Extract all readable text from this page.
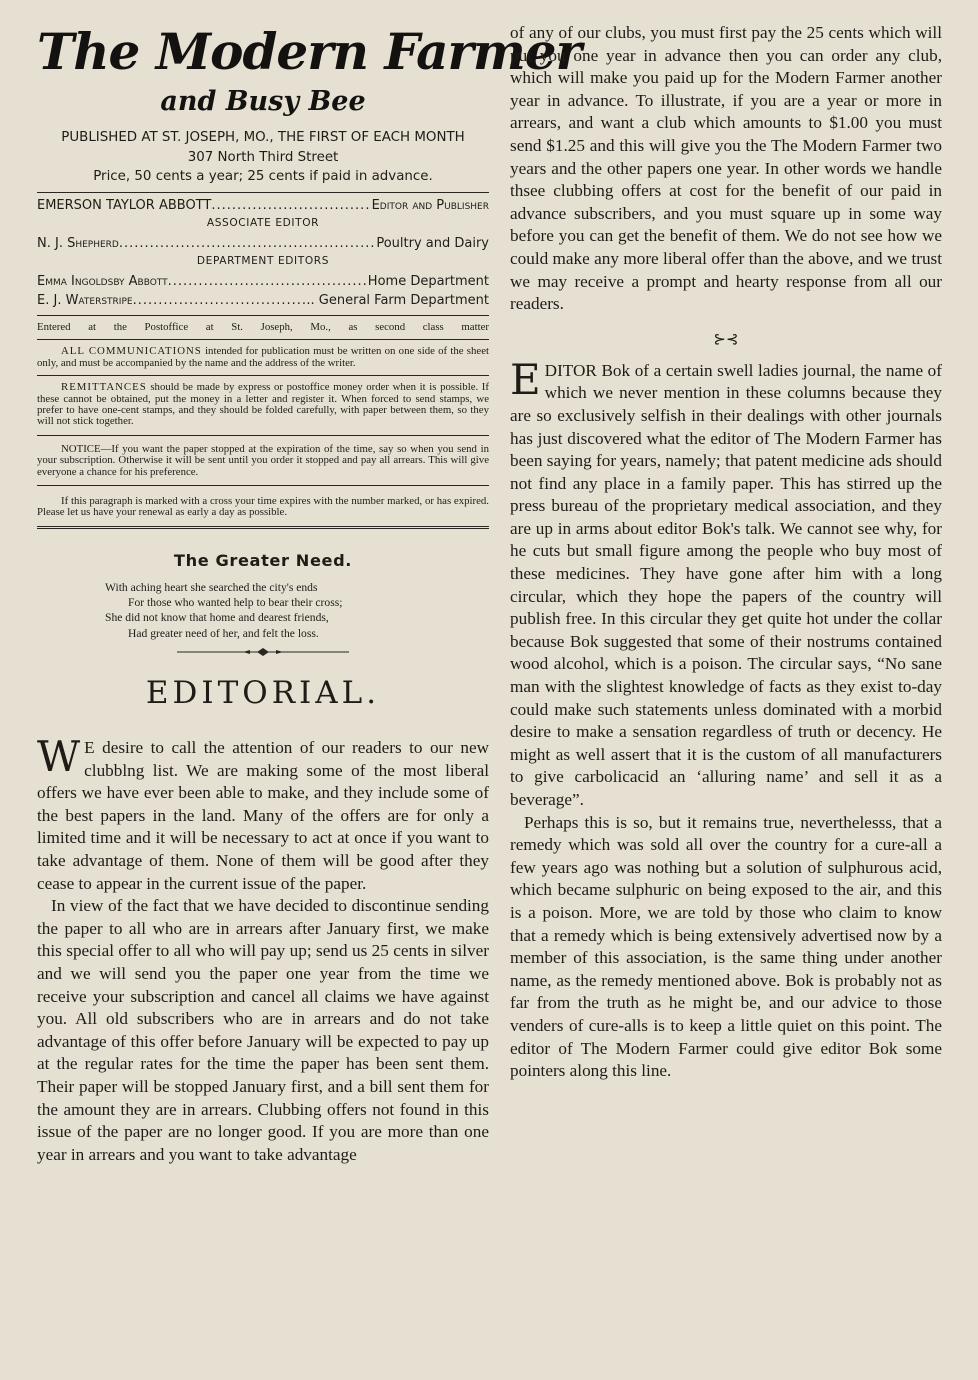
The Modern Farmer
and Busy Bee
PUBLISHED AT ST. JOSEPH, MO., THE FIRST OF EACH MONTH
307 North Third Street
Price, 50 cents a year; 25 cents if paid in advance.
EMERSON TAYLOR ABBOTT .....	Editor and Publisher
ASSOCIATE EDITOR
N. J. Shepherd .....	Poultry and Dairy
DEPARTMENT EDITORS
Emma Ingoldsby Abbott .....	Home Department
E. J. Waterstripe .....	.. General Farm Department
Entered at the Postoffice at St. Joseph, Mo., as second class matter
ALL COMMUNICATIONS intended for publication must be written on one side of the sheet only, and must be accompanied by the name and the address of the writer.
REMITTANCES should be made by express or postoffice money order when it is possible. If these cannot be obtained, put the money in a letter and register it. When forced to send stamps, we prefer to have one-cent stamps, and they should be folded carefully, with paper between them, so they will not stick together.
NOTICE—If you want the paper stopped at the expiration of the time, say so when you send in your subscription. Otherwise it will be sent until you order it stopped and pay all arrears. This will give everyone a chance for his preference.
If this paragraph is marked with a cross your time expires with the number marked, or has expired. Please let us have your renewal as early a day as possible.
The Greater Need.
With aching heart she searched the city's ends
For those who wanted help to bear their cross;
She did not know that home and dearest friends,
Had greater need of her, and felt the loss.
EDITORIAL.

W E desire to call the attention of our readers to our new clubblng list. We are making some of the most liberal offers we have ever been able to make, and they include some of the best papers in the land. Many of the offers are for only a limited time and it will be necessary to act at once if you want to take advantage of them. None of them will be good after they cease to appear in the current issue of the paper.

In view of the fact that we have decided to discontinue sending the paper to all who are in arrears after January first, we make this special offer to all who will pay up; send us 25 cents in silver and we will send you the paper one year from the time we receive your subscription and cancel all claims we have against you. All old subscribers who are in arrears and do not take advantage of this offer before January will be expected to pay up at the regular rates for the time the paper has been sent them. Their paper will be stopped January first, and a bill sent them for the amount they are in arrears. Clubbing offers not found in this issue of the paper are no longer good. If you are more than one year in arrears and you want to take advantage

of any of our clubs, you must first pay the 25 cents which will put you one year in advance then you can order any club, which will make you paid up for the Modern Farmer another year in advance. To illustrate, if you are a year or more in arrears, and want a club which amounts to $1.00 you must send $1.25 and this will give you the The Modern Farmer two years and the other papers one year. In other words we handle thsee clubbing offers at cost for the benefit of our paid in advance subscribers, and you must square up in some way before you can get the benefit of them. We do not see how we could make any more liberal offer than the above, and we trust we may receive a prompt and hearty response from all our readers.

⊱⊰

EDITOR Bok of a certain swell ladies journal, the name of which we never mention in these columns because they are so exclusively selfish in their dealings with other journals has just discovered what the editor of The Modern Farmer has been saying for years, namely; that patent medicine ads should not find any place in a family paper. This has stirred up the press bureau of the proprietary medical association, and they are up in arms about editor Bok's talk. We cannot see why, for he cuts but small figure among the people who buy most of these medicines. They have gone after him with a long circular, which they hope the papers of the country will publish free. In this circular they get quite hot under the collar because Bok suggested that some of their nostrums contained wood alcohol, which is a poison. The circular says, “No sane man with the slightest knowledge of facts as they exist to-day could make such statements unless dominated with a morbid desire to make a sensation regardless of truth or decency. He might as well assert that it is the custom of all manufacturers to give carbolicacid an ‘alluring name’ and sell it as a beverage”.

Perhaps this is so, but it remains true, neverthelesss, that a remedy which was sold all over the country for a cure-all a few years ago was nothing but a solution of sulphurous acid, which became sulphuric on being exposed to the air, and this is a poison. More, we are told by those who claim to know that a remedy which is being extensively advertised now by a member of this association, is the same thing under another name, as the remedy mentioned above. Bok is probably not as far from the truth as he might be, and our advice to those venders of cure-alls is to keep a little quiet on this point. The editor of The Modern Farmer could give editor Bok some pointers along this line.
